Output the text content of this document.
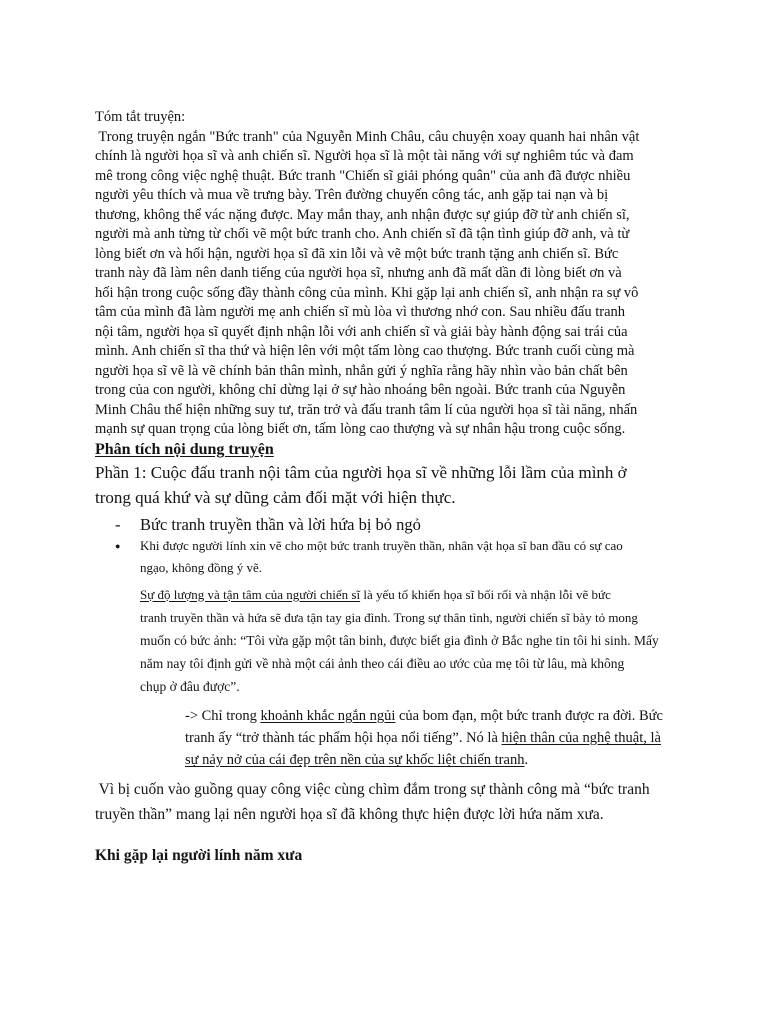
Tóm tắt truyện:
Trong truyện ngắn "Bức tranh" của Nguyễn Minh Châu, câu chuyện xoay quanh hai nhân vật
chính là người họa sĩ và anh chiến sĩ. Người họa sĩ là một tài năng với sự nghiêm túc và đam
mê trong công việc nghệ thuật. Bức tranh "Chiến sĩ giải phóng quân" của anh đã được nhiều
người yêu thích và mua về trưng bày. Trên đường chuyến công tác, anh gặp tai nạn và bị
thương, không thể vác nặng được. May mắn thay, anh nhận được sự giúp đỡ từ anh chiến sĩ,
người mà anh từng từ chối vẽ một bức tranh cho. Anh chiến sĩ đã tận tình giúp đỡ anh, và từ
lòng biết ơn và hối hận, người họa sĩ đã xin lỗi và vẽ một bức tranh tặng anh chiến sĩ. Bức
tranh này đã làm nên danh tiếng của người họa sĩ, nhưng anh đã mất dần đi lòng biết ơn và
hối hận trong cuộc sống đầy thành công của mình. Khi gặp lại anh chiến sĩ, anh nhận ra sự vô
tâm của mình đã làm người mẹ anh chiến sĩ mù lòa vì thương nhớ con. Sau nhiều đấu tranh
nội tâm, người họa sĩ quyết định nhận lỗi với anh chiến sĩ và giải bày hành động sai trái của
mình. Anh chiến sĩ tha thứ và hiện lên với một tấm lòng cao thượng. Bức tranh cuối cùng mà
người họa sĩ vẽ là vẽ chính bản thân mình, nhắn gửi ý nghĩa rằng hãy nhìn vào bản chất bên
trong của con người, không chỉ dừng lại ở sự hào nhoáng bên ngoài. Bức tranh của Nguyễn
Minh Châu thể hiện những suy tư, trăn trở và đấu tranh tâm lí của người họa sĩ tài năng, nhấn
mạnh sự quan trọng của lòng biết ơn, tấm lòng cao thượng và sự nhân hậu trong cuộc sống.
Phân tích nội dung truyện
Phần 1: Cuộc đấu tranh nội tâm của người họa sĩ về những lỗi lầm của mình ở
trong quá khứ và sự dũng cảm đối mặt với hiện thực.
- Bức tranh truyền thần và lời hứa bị bỏ ngỏ
● Khi được người lính xin vẽ cho một bức tranh truyền thần, nhân vật họa sĩ ban đầu có sự cao
ngạo, không đồng ý vẽ.
Sự độ lượng và tận tâm của người chiến sĩ là yếu tố khiến họa sĩ bối rối và nhận lỗi vẽ bức
tranh truyền thần và hứa sẽ đưa tận tay gia đình. Trong sự thân tình, người chiến sĩ bày tỏ mong
muốn có bức ảnh: “Tôi vừa gặp một tân binh, được biết gia đình ở Bắc nghe tin tôi hi sinh. Mấy
năm nay tôi định gửi về nhà một cái ảnh theo cái điều ao ước của mẹ tôi từ lâu, mà không
chụp ở đâu được”.
-> Chỉ trong khoảnh khắc ngắn ngủi của bom đạn, một bức tranh được ra đời. Bức
tranh ấy “trở thành tác phẩm hội họa nổi tiếng”. Nó là hiện thân của nghệ thuật, là
sự nảy nở của cái đẹp trên nền của sự khốc liệt chiến tranh.
Vì bị cuốn vào guồng quay công việc cùng chìm đắm trong sự thành công mà “bức tranh
truyền thần” mang lại nên người họa sĩ đã không thực hiện được lời hứa năm xưa.
Khi gặp lại người lính năm xưa
